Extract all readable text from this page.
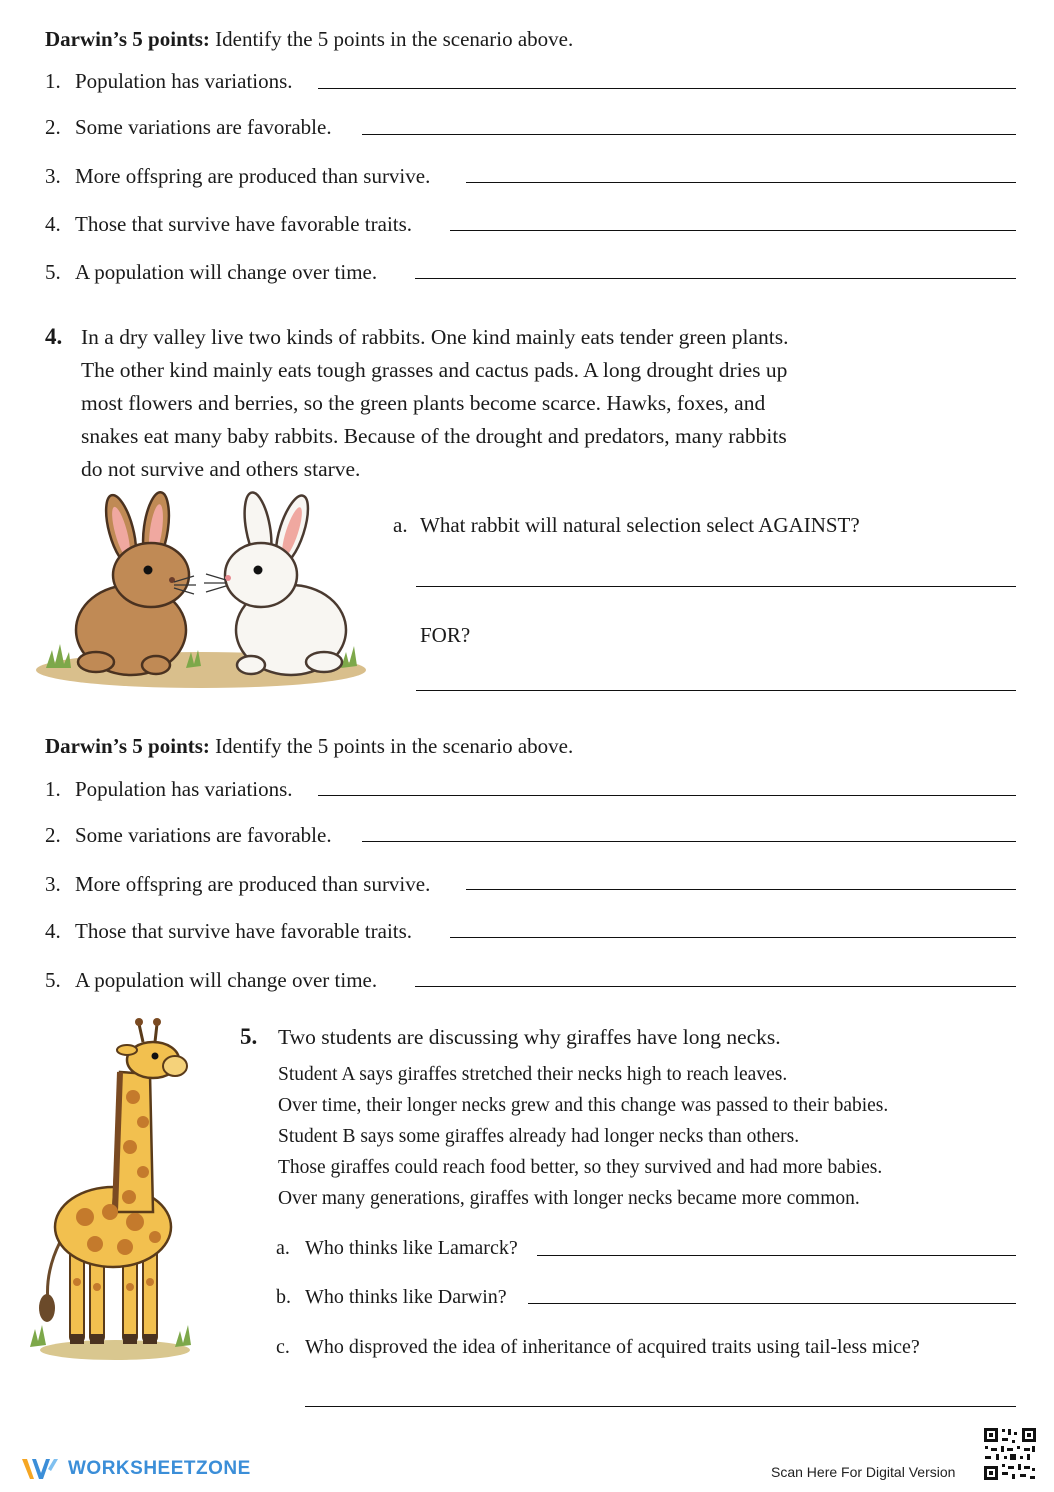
Darwin’s 5 points: Identify the 5 points in the scenario above.
1. Population has variations.
2. Some variations are favorable.
3. More offspring are produced than survive.
4. Those that survive have favorable traits.
5. A population will change over time.
4. In a dry valley live two kinds of rabbits. One kind mainly eats tender green plants.
The other kind mainly eats tough grasses and cactus pads. A long drought dries up
most flowers and berries, so the green plants become scarce. Hawks, foxes, and
snakes eat many baby rabbits. Because of the drought and predators, many rabbits
do not survive and others starve.
a. What rabbit will natural selection select AGAINST?
FOR?
Darwin’s 5 points: Identify the 5 points in the scenario above.
1. Population has variations.
2. Some variations are favorable.
3. More offspring are produced than survive.
4. Those that survive have favorable traits.
5. A population will change over time.
5. Two students are discussing why giraffes have long necks.
Student A says giraffes stretched their necks high to reach leaves.
Over time, their longer necks grew and this change was passed to their babies.
Student B says some giraffes already had longer necks than others.
Those giraffes could reach food better, so they survived and had more babies.
Over many generations, giraffes with longer necks became more common.
a. Who thinks like Lamarck?
b. Who thinks like Darwin?
c. Who disproved the idea of inheritance of acquired traits using tail-less mice?
WORKSHEETZONE	Scan Here For Digital Version
